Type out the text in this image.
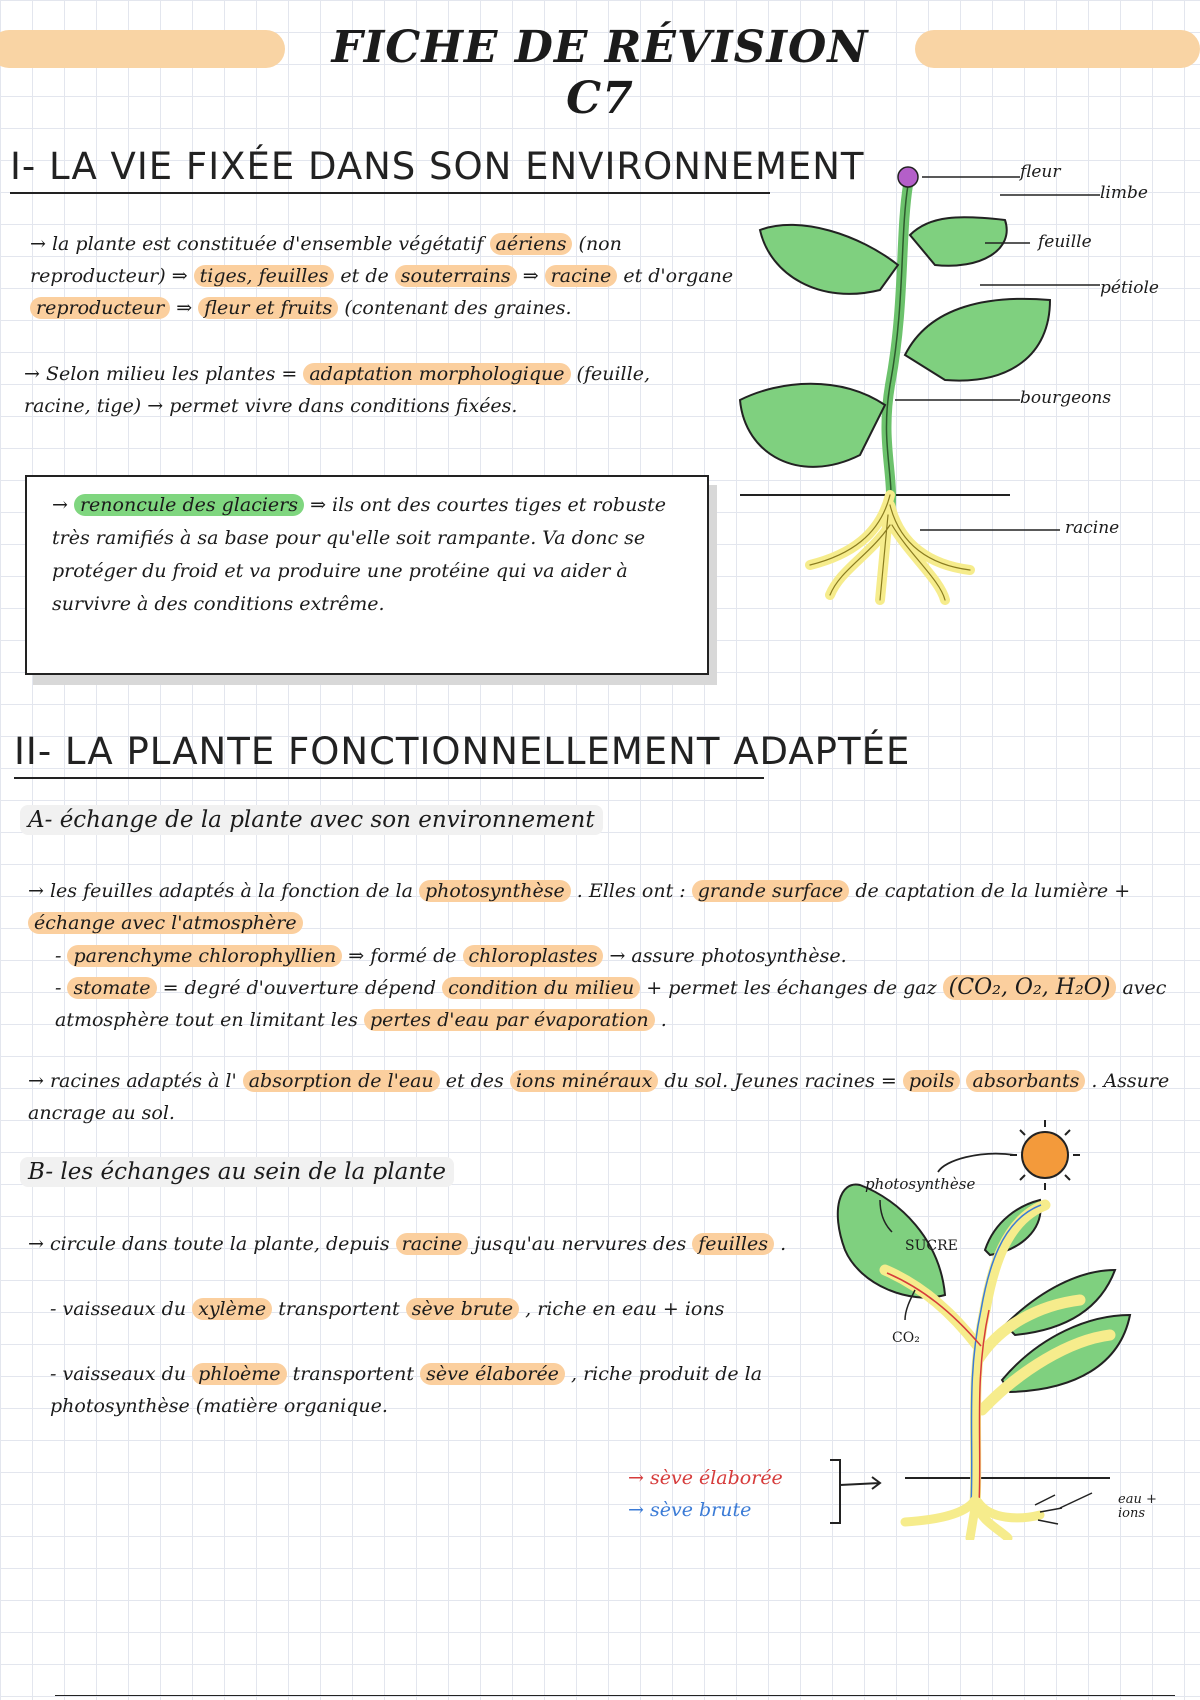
FICHE DE RÉVISION C7
I- LA VIE FIXÉE DANS SON ENVIRONNEMENT
→ la plante est constituée d'ensemble végétatif aériens (non reproducteur) ⇒ tiges, feuilles et de souterrains ⇒ racine et d'organe reproducteur ⇒ fleur et fruits (contenant des graines.
→ Selon milieu les plantes = adaptation morphologique (feuille, racine, tige) → permet vivre dans conditions fixées.
→ renoncule des glaciers ⇒ ils ont des courtes tiges et robuste très ramifiés à sa base pour qu'elle soit rampante. Va donc se protéger du froid et va produire une protéine qui va aider à survivre à des conditions extrême.
fleur
limbe
feuille
pétiole
bourgeons
racine
II- LA PLANTE FONCTIONNELLEMENT ADAPTÉE
A- échange de la plante avec son environnement
→ les feuilles adaptés à la fonction de la photosynthèse . Elles ont : grande surface de captation de la lumière + échange avec l'atmosphère
- parenchyme chlorophyllien ⇒ formé de chloroplastes → assure photosynthèse.
- stomate = degré d'ouverture dépend condition du milieu + permet les échanges de gaz (CO₂, O₂, H₂O) avec atmosphère tout en limitant les pertes d'eau par évaporation .
→ racines adaptés à l' absorption de l'eau et des ions minéraux du sol. Jeunes racines = poils absorbants . Assure ancrage au sol.
B- les échanges au sein de la plante
→ circule dans toute la plante, depuis racine jusqu'au nervures des feuilles .
- vaisseaux du xylème transportent sève brute , riche en eau + ions
- vaisseaux du phloème transportent sève élaborée , riche produit de la photosynthèse (matière organique.
→ sève élaborée
→ sève brute
photosynthèse
SUCRE
CO₂
eau + ions
